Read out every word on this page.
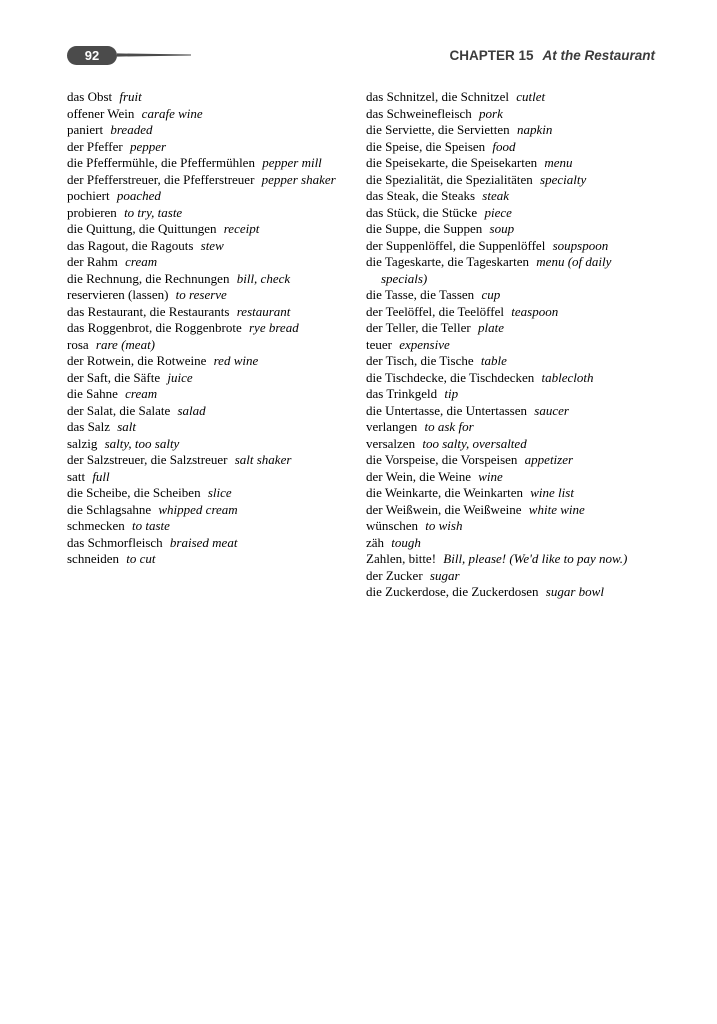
92	CHAPTER 15 At the Restaurant
das Obst fruit
offener Wein carafe wine
paniert breaded
der Pfeffer pepper
die Pfeffermühle, die Pfeffermühlen pepper mill
der Pfefferstreuer, die Pfefferstreuer pepper shaker
pochiert poached
probieren to try, taste
die Quittung, die Quittungen receipt
das Ragout, die Ragouts stew
der Rahm cream
die Rechnung, die Rechnungen bill, check
reservieren (lassen) to reserve
das Restaurant, die Restaurants restaurant
das Roggenbrot, die Roggenbrote rye bread
rosa rare (meat)
der Rotwein, die Rotweine red wine
der Saft, die Säfte juice
die Sahne cream
der Salat, die Salate salad
das Salz salt
salzig salty, too salty
der Salzstreuer, die Salzstreuer salt shaker
satt full
die Scheibe, die Scheiben slice
die Schlagsahne whipped cream
schmecken to taste
das Schmorfleisch braised meat
schneiden to cut
das Schnitzel, die Schnitzel cutlet
das Schweinefleisch pork
die Serviette, die Servietten napkin
die Speise, die Speisen food
die Speisekarte, die Speisekarten menu
die Spezialität, die Spezialitäten specialty
das Steak, die Steaks steak
das Stück, die Stücke piece
die Suppe, die Suppen soup
der Suppenlöffel, die Suppenlöffel soupspoon
die Tageskarte, die Tageskarten menu (of daily specials)
die Tasse, die Tassen cup
der Teelöffel, die Teelöffel teaspoon
der Teller, die Teller plate
teuer expensive
der Tisch, die Tische table
die Tischdecke, die Tischdecken tablecloth
das Trinkgeld tip
die Untertasse, die Untertassen saucer
verlangen to ask for
versalzen too salty, oversalted
die Vorspeise, die Vorspeisen appetizer
der Wein, die Weine wine
die Weinkarte, die Weinkarten wine list
der Weißwein, die Weißweine white wine
wünschen to wish
zäh tough
Zahlen, bitte! Bill, please! (We'd like to pay now.)
der Zucker sugar
die Zuckerdose, die Zuckerdosen sugar bowl
